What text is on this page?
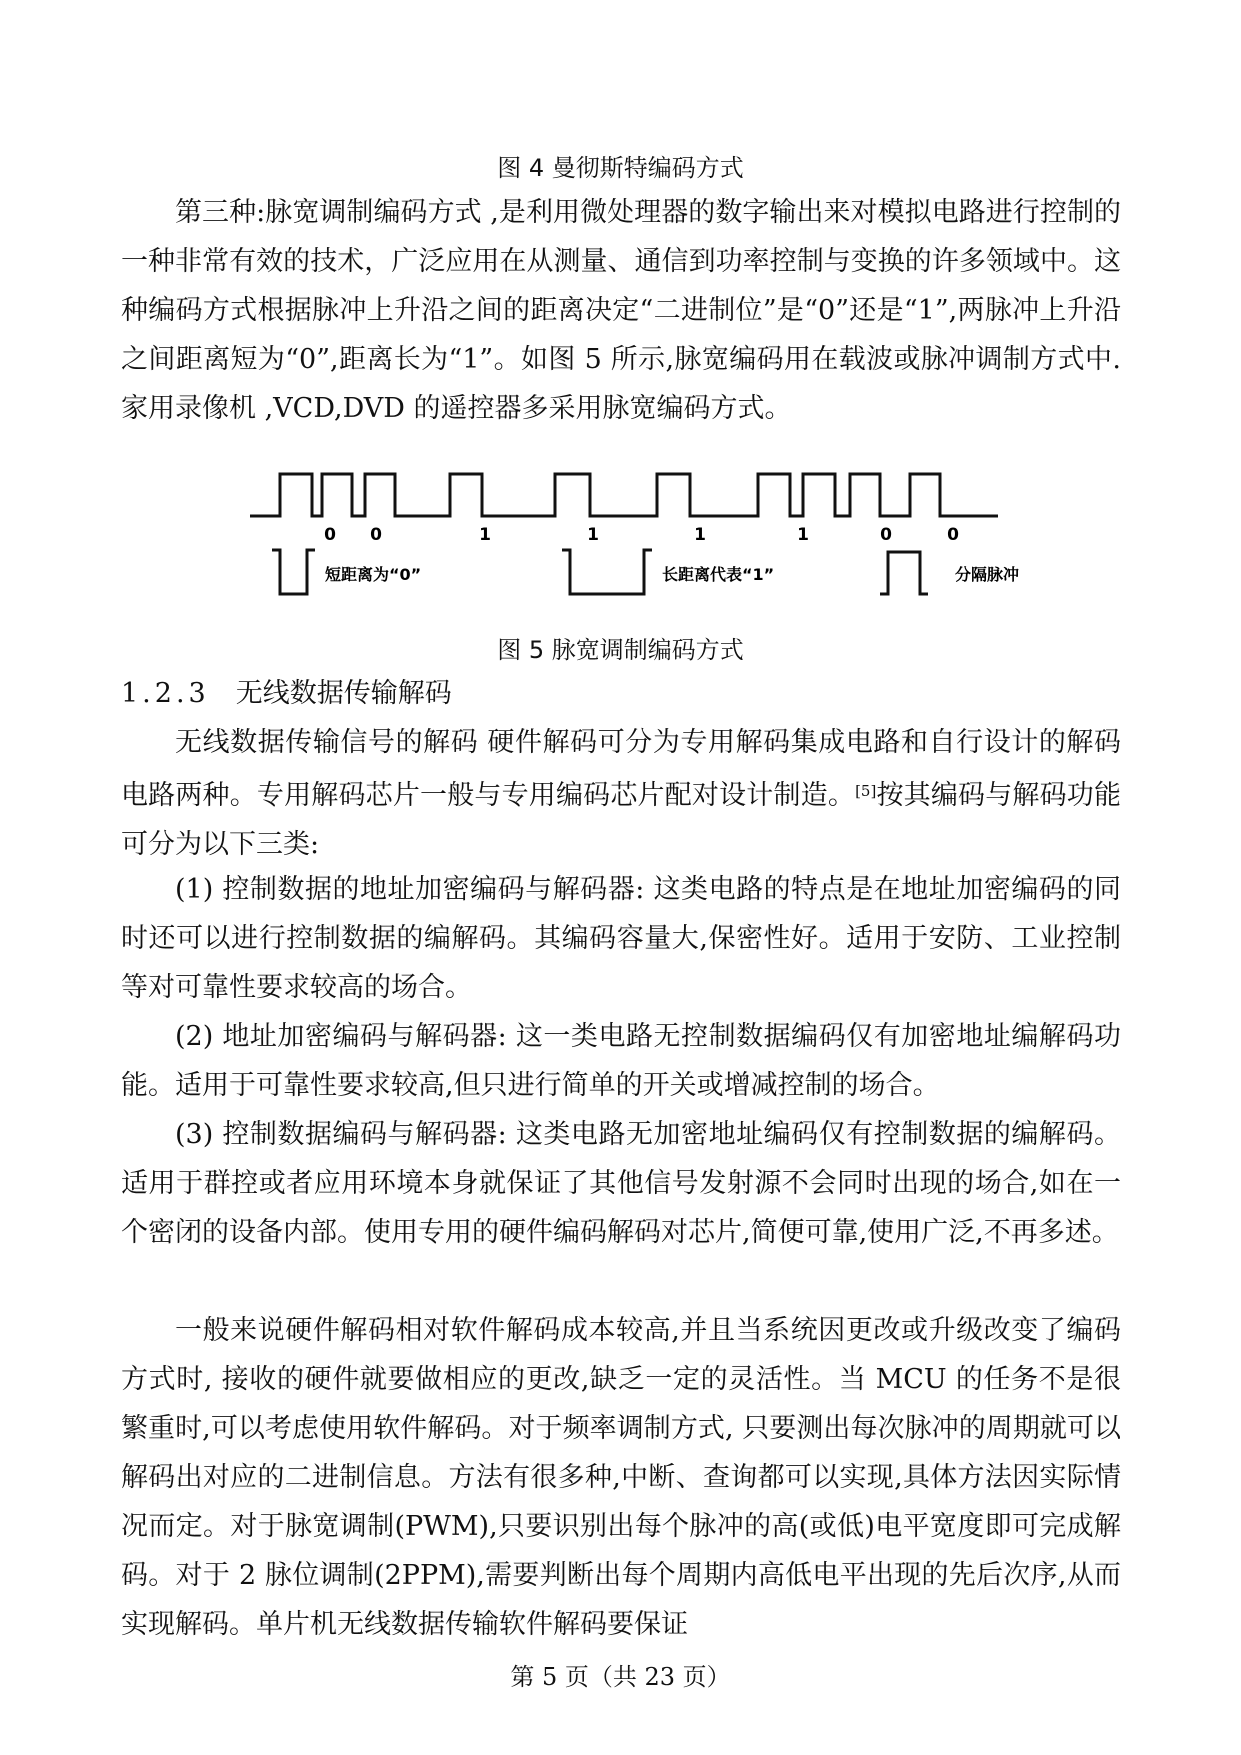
图 4 曼彻斯特编码方式

第三种:脉宽调制编码方式 ,是利用微处理器的数字输出来对模拟电路进行控制的一种非常有效的技术，广泛应用在从测量、通信到功率控制与变换的许多领域中。这种编码方式根据脉冲上升沿之间的距离决定“二进制位”是“0”还是“1”,两脉冲上升沿之间距离短为“0”,距离长为“1”。如图 5 所示,脉宽编码用在载波或脉冲调制方式中.家用录像机 ,VCD,DVD 的遥控器多采用脉宽编码方式。

0 0	1	1	1	1	0	0
短距离为“0”	长距离代表“1”	分隔脉冲
图 5 脉宽调制编码方式
1.2.3 无线数据传输解码

无线数据传输信号的解码 硬件解码可分为专用解码集成电路和自行设计的解码电路两种。专用解码芯片一般与专用编码芯片配对设计制造。[5]按其编码与解码功能可分为以下三类:

(1) 控制数据的地址加密编码与解码器: 这类电路的特点是在地址加密编码的同时还可以进行控制数据的编解码。其编码容量大,保密性好。适用于安防、工业控制等对可靠性要求较高的场合。

(2) 地址加密编码与解码器: 这一类电路无控制数据编码仅有加密地址编解码功能。适用于可靠性要求较高,但只进行简单的开关或增减控制的场合。

(3) 控制数据编码与解码器: 这类电路无加密地址编码仅有控制数据的编解码。适用于群控或者应用环境本身就保证了其他信号发射源不会同时出现的场合,如在一个密闭的设备内部。使用专用的硬件编码解码对芯片,简便可靠,使用广泛,不再多述。

一般来说硬件解码相对软件解码成本较高,并且当系统因更改或升级改变了编码方式时, 接收的硬件就要做相应的更改,缺乏一定的灵活性。当 MCU 的任务不是很繁重时,可以考虑使用软件解码。对于频率调制方式, 只要测出每次脉冲的周期就可以解码出对应的二进制信息。方法有很多种,中断、查询都可以实现,具体方法因实际情况而定。对于脉宽调制(PWM),只要识别出每个脉冲的高(或低)电平宽度即可完成解码。对于 2 脉位调制(2PPM),需要判断出每个周期内高低电平出现的先后次序,从而实现解码。单片机无线数据传输软件解码要保证

第 5 页（共 23 页）
